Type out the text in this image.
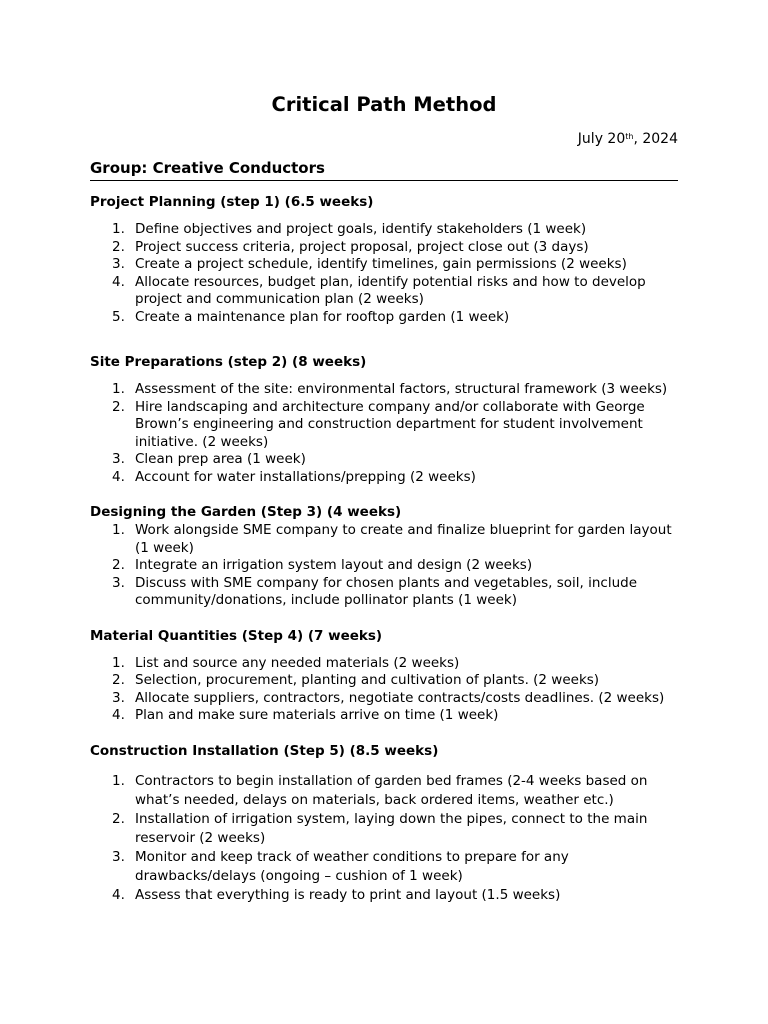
Critical Path Method
July 20th, 2024
Group: Creative Conductors
Project Planning (step 1) (6.5 weeks)
1. Define objectives and project goals, identify stakeholders (1 week)
2. Project success criteria, project proposal, project close out (3 days)
3. Create a project schedule, identify timelines, gain permissions (2 weeks)
4. Allocate resources, budget plan, identify potential risks and how to develop project and communication plan (2 weeks)
5. Create a maintenance plan for rooftop garden (1 week)
Site Preparations (step 2) (8 weeks)
1. Assessment of the site: environmental factors, structural framework (3 weeks)
2. Hire landscaping and architecture company and/or collaborate with George Brown’s engineering and construction department for student involvement initiative. (2 weeks)
3. Clean prep area (1 week)
4. Account for water installations/prepping (2 weeks)
Designing the Garden (Step 3) (4 weeks)
1. Work alongside SME company to create and finalize blueprint for garden layout (1 week)
2. Integrate an irrigation system layout and design (2 weeks)
3. Discuss with SME company for chosen plants and vegetables, soil, include community/donations, include pollinator plants (1 week)
Material Quantities (Step 4) (7 weeks)
1. List and source any needed materials (2 weeks)
2. Selection, procurement, planting and cultivation of plants. (2 weeks)
3. Allocate suppliers, contractors, negotiate contracts/costs deadlines. (2 weeks)
4. Plan and make sure materials arrive on time (1 week)
Construction Installation (Step 5) (8.5 weeks)
1. Contractors to begin installation of garden bed frames (2-4 weeks based on what’s needed, delays on materials, back ordered items, weather etc.)
2. Installation of irrigation system, laying down the pipes, connect to the main reservoir (2 weeks)
3. Monitor and keep track of weather conditions to prepare for any drawbacks/delays (ongoing – cushion of 1 week)
4. Assess that everything is ready to print and layout (1.5 weeks)
